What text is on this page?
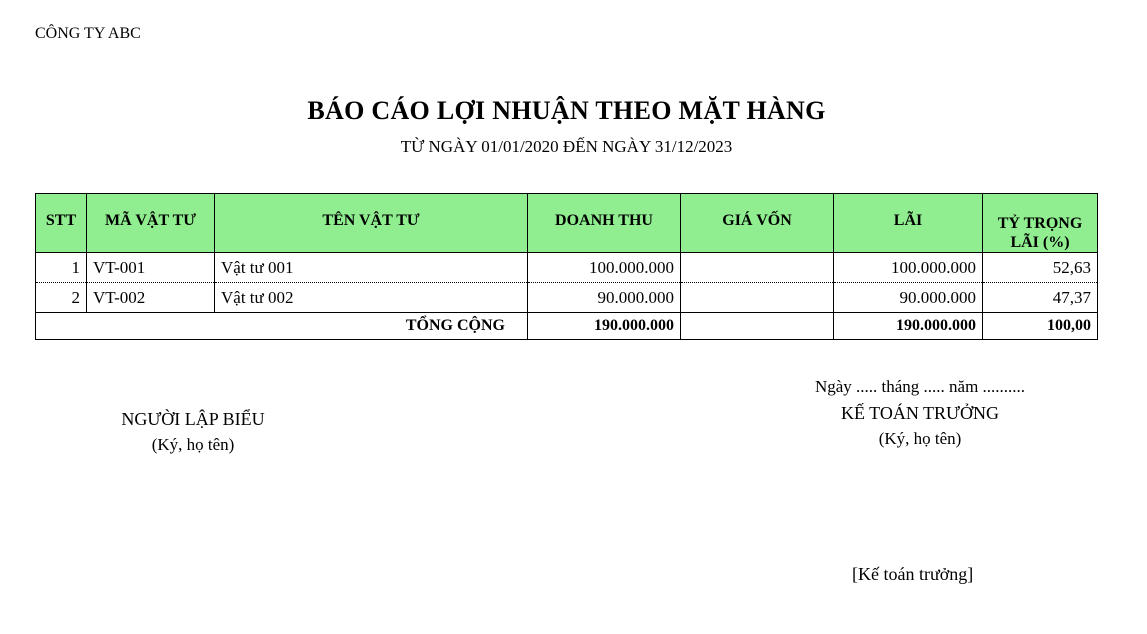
CÔNG TY ABC
BÁO CÁO LỢI NHUẬN THEO MẶT HÀNG
TỪ NGÀY 01/01/2020 ĐẾN NGÀY 31/12/2023
STT	MÃ VẬT TƯ	TÊN VẬT TƯ	DOANH THU	GIÁ VỐN	LÃI	TỶ TRỌNG LÃI (%)

1	VT-001	Vật tư 001	100.000.000		100.000.000	52,63
2	VT-002	Vật tư 002	90.000.000		90.000.000	47,37
TỔNG CỘNG			190.000.000		190.000.000	100,00
NGƯỜI LẬP BIỂU
(Ký, họ tên)
Ngày ..... tháng ..... năm ..........
KẾ TOÁN TRƯỞNG
(Ký, họ tên)
[Kế toán trưởng]
